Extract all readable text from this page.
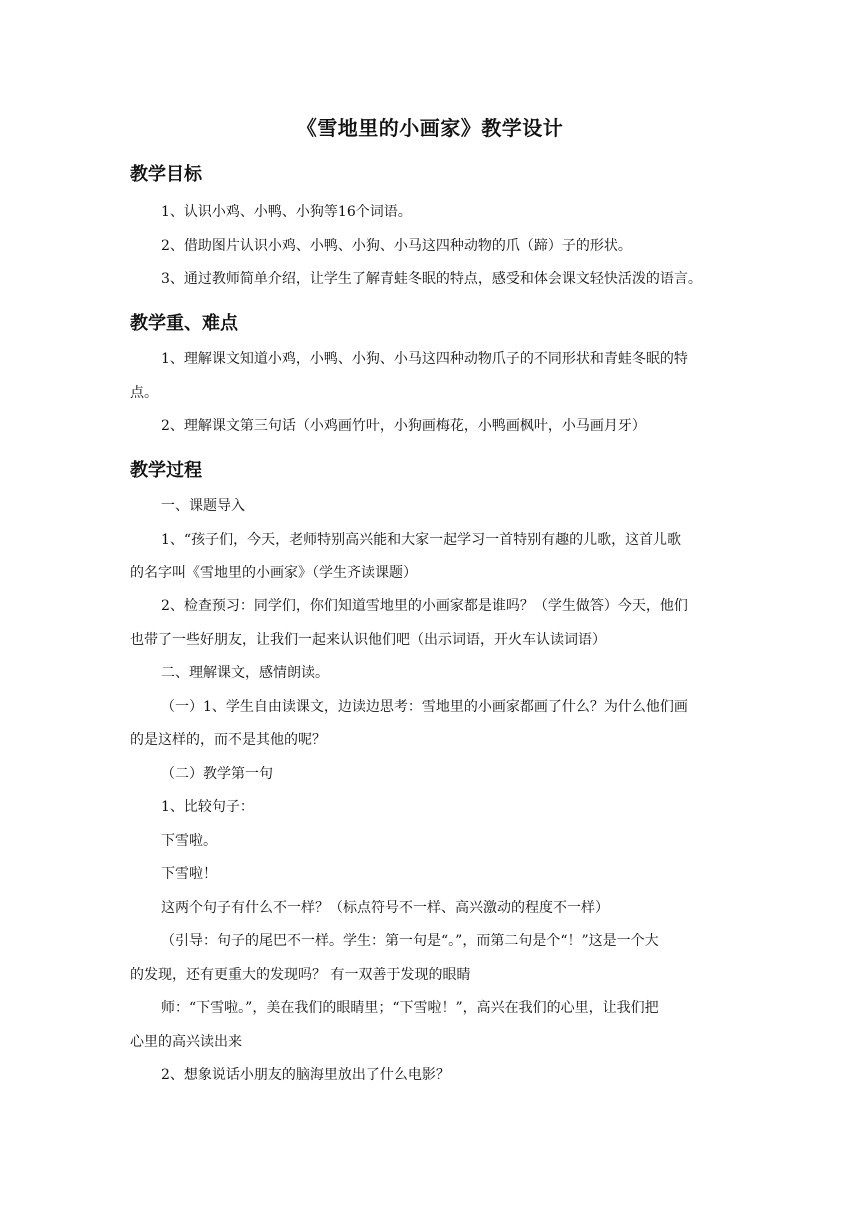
《雪地里的小画家》教学设计
教学目标
1、认识小鸡、小鸭、小狗等16个词语。
2、借助图片认识小鸡、小鸭、小狗、小马这四种动物的爪（蹄）子的形状。
3、通过教师简单介绍，让学生了解青蛙冬眠的特点，感受和体会课文轻快活泼的语言。
教学重、难点
1、理解课文知道小鸡，小鸭、小狗、小马这四种动物爪子的不同形状和青蛙冬眠的特
点。
2、理解课文第三句话（小鸡画竹叶，小狗画梅花，小鸭画枫叶，小马画月牙）
教学过程
一、课题导入
1、“孩子们，今天，老师特别高兴能和大家一起学习一首特别有趣的儿歌，这首儿歌
的名字叫《雪地里的小画家》（学生齐读课题）
2、检查预习：同学们，你们知道雪地里的小画家都是谁吗？（学生做答）今天，他们
也带了一些好朋友，让我们一起来认识他们吧（出示词语，开火车认读词语）
二、理解课文，感情朗读。
（一）1、学生自由读课文，边读边思考：雪地里的小画家都画了什么？为什么他们画
的是这样的，而不是其他的呢？
（二）教学第一句
1、比较句子：
下雪啦。
下雪啦！
这两个句子有什么不一样？（标点符号不一样、高兴激动的程度不一样）
（引导：句子的尾巴不一样。学生：第一句是“。”，而第二句是个“！”这是一个大
的发现，还有更重大的发现吗？ 有一双善于发现的眼睛
师：“下雪啦。”，美在我们的眼睛里；“下雪啦！”，高兴在我们的心里，让我们把
心里的高兴读出来
2、想象说话小朋友的脑海里放出了什么电影？
